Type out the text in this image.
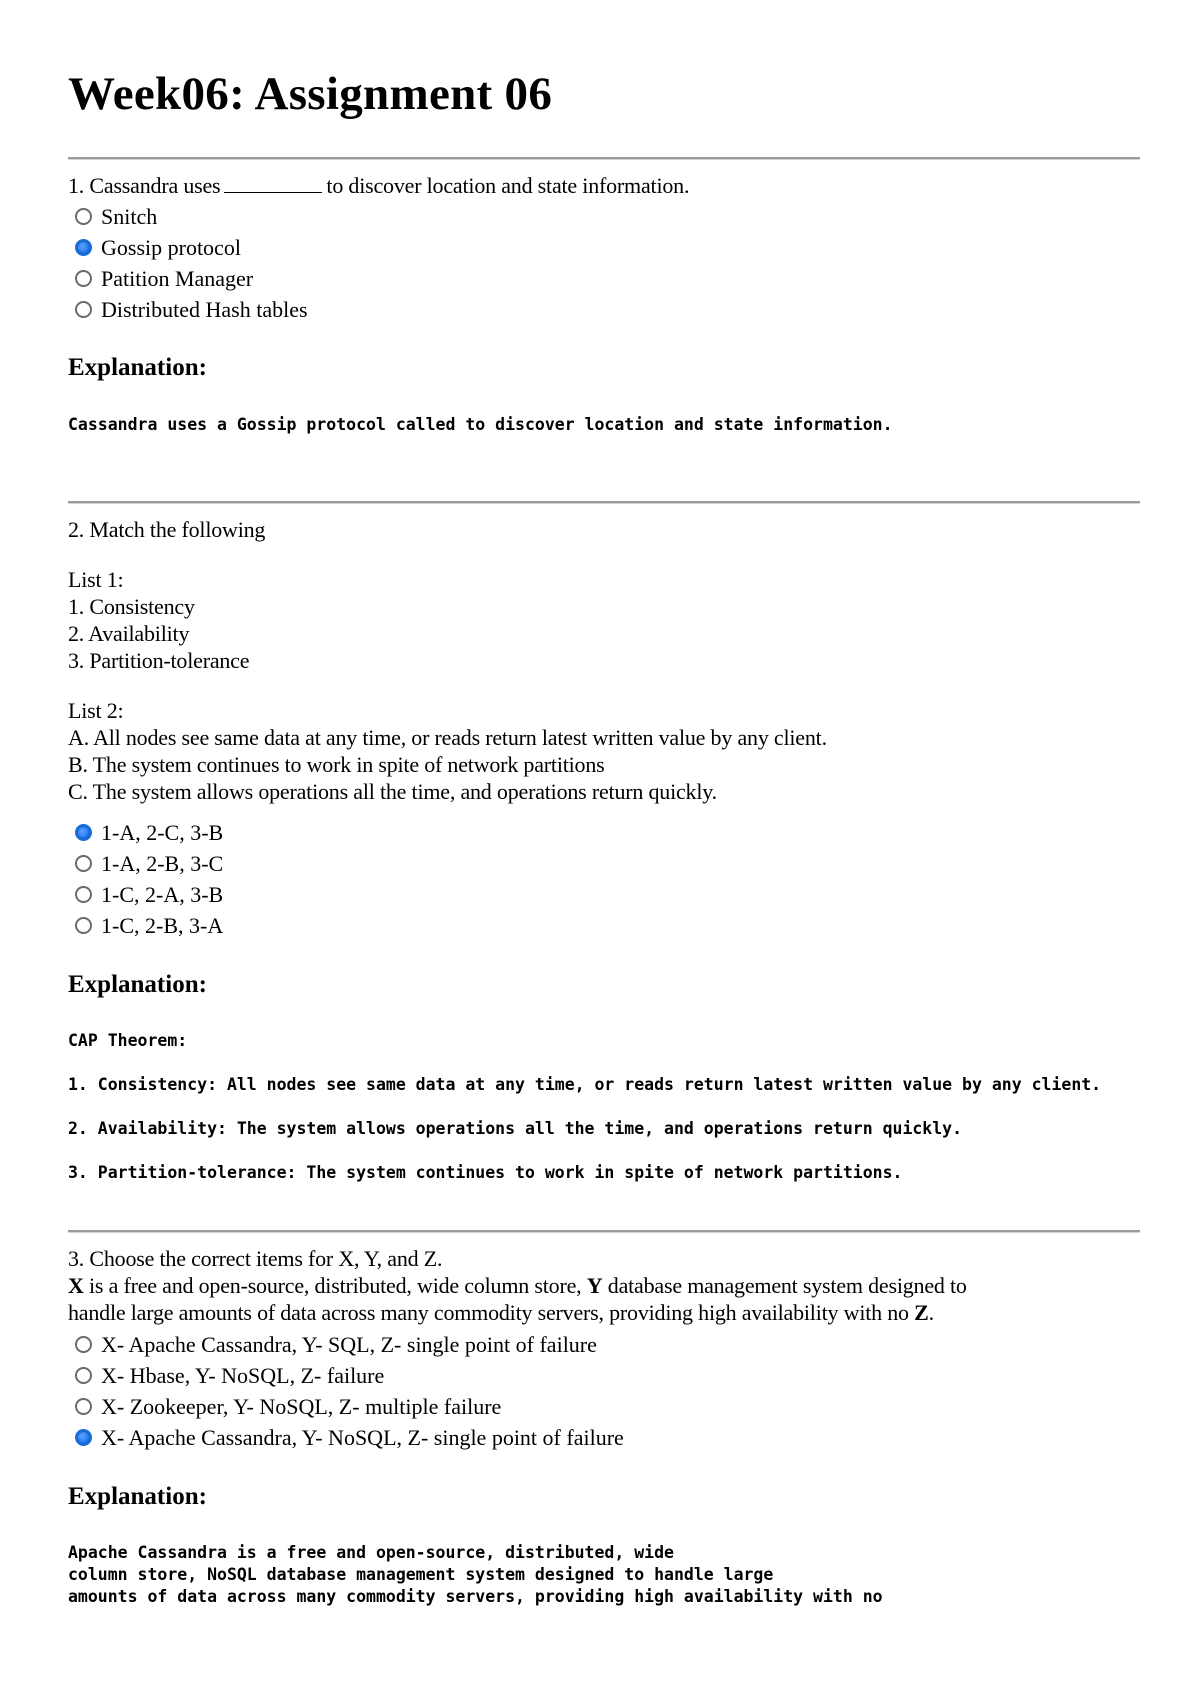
Week06: Assignment 06
1. Cassandra uses	to discover location and state information.
Snitch
Gossip protocol
Patition Manager
Distributed Hash tables
Explanation:
Cassandra uses a Gossip protocol called to discover location and state information.
2. Match the following
List 1:
1. Consistency
2. Availability
3. Partition-tolerance
List 2:
A. All nodes see same data at any time, or reads return latest written value by any client.
B. The system continues to work in spite of network partitions
C. The system allows operations all the time, and operations return quickly.
1-A, 2-C, 3-B
1-A, 2-B, 3-C
1-C, 2-A, 3-B
1-C, 2-B, 3-A
Explanation:
CAP Theorem:

1. Consistency: All nodes see same data at any time, or reads return latest written value by any client.

2. Availability: The system allows operations all the time, and operations return quickly.

3. Partition-tolerance: The system continues to work in spite of network partitions.
3. Choose the correct items for X, Y, and Z.
X is a free and open-source, distributed, wide column store, Y database management system designed to
handle large amounts of data across many commodity servers, providing high availability with no Z.
X- Apache Cassandra, Y- SQL, Z- single point of failure
X- Hbase, Y- NoSQL, Z- failure
X- Zookeeper, Y- NoSQL, Z- multiple failure
X- Apache Cassandra, Y- NoSQL, Z- single point of failure
Explanation:
Apache Cassandra is a free and open-source, distributed, wide
column store, NoSQL database management system designed to handle large
amounts of data across many commodity servers, providing high availability with no
